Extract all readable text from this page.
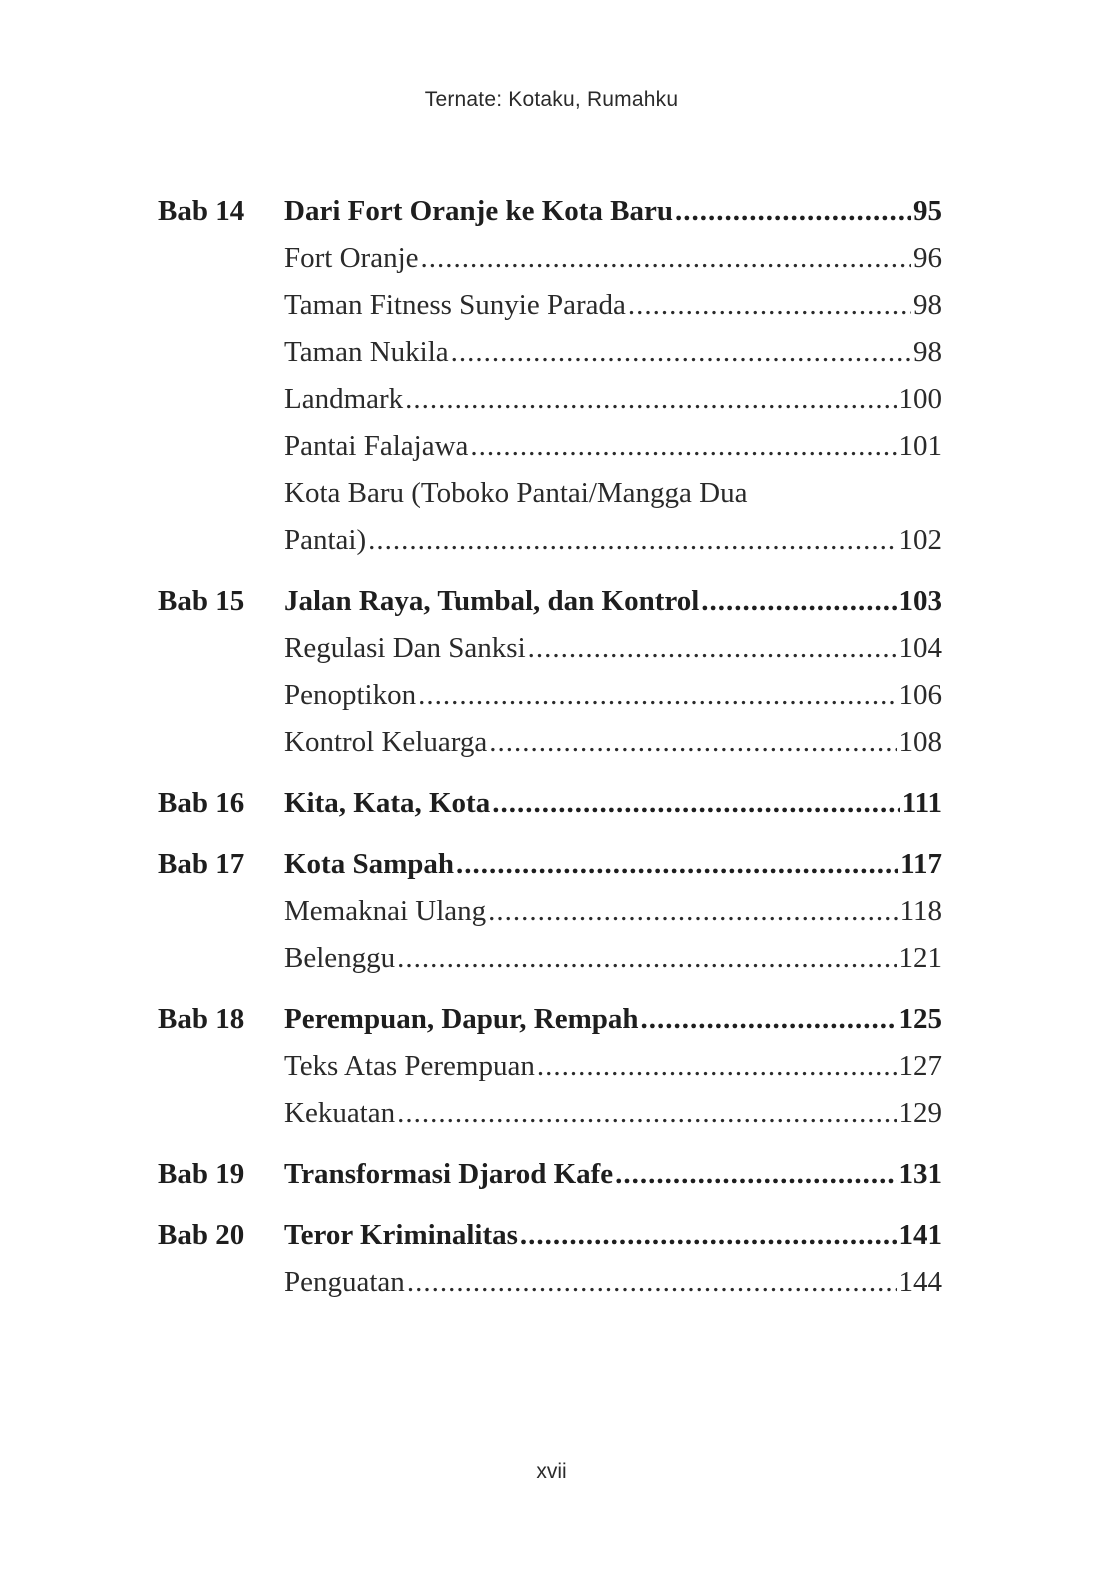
Ternate: Kotaku, Rumahku
Bab 14	Dari Fort Oranje ke Kota Baru .....	95
Fort Oranje .....	96
Taman Fitness Sunyie Parada .....	98
Taman Nukila .....	98
Landmark .....	100
Pantai Falajawa .....	101
Kota Baru (Toboko Pantai/Mangga Dua
Pantai) .....	102
Bab 15	Jalan Raya, Tumbal, dan Kontrol .....	103
Regulasi Dan Sanksi .....	104
Penoptikon .....	106
Kontrol Keluarga .....	108
Bab 16	Kita, Kata, Kota .....	111
Bab 17	Kota Sampah .....	117
Memaknai Ulang .....	118
Belenggu .....	121
Bab 18	Perempuan, Dapur, Rempah .....	125
Teks Atas Perempuan .....	127
Kekuatan .....	129
Bab 19	Transformasi Djarod Kafe .....	131
Bab 20	Teror Kriminalitas .....	141
Penguatan .....	144
xvii
